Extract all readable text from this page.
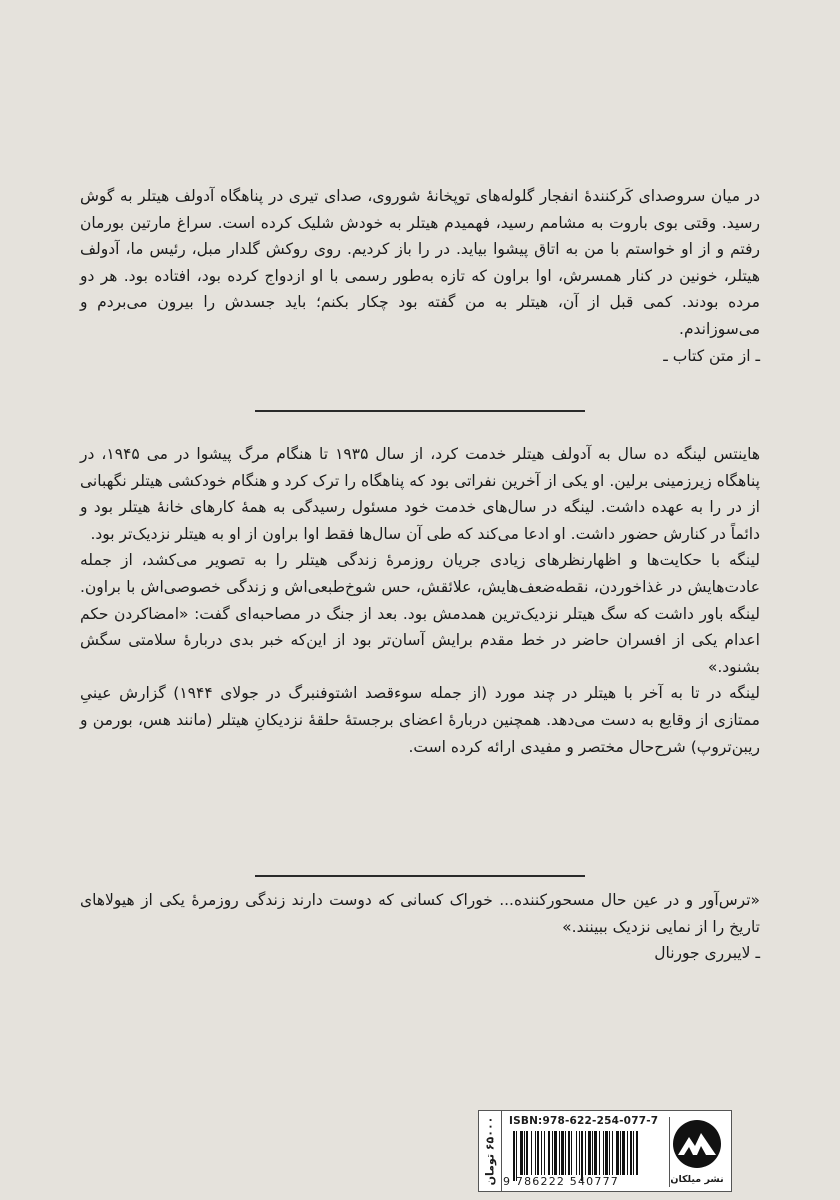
در میان سروصدای کَرکنندهٔ انفجار گلوله‌های توپخانهٔ شوروی، صدای تیری در پناهگاه آدولف هیتلر به گوش رسید. وقتی بوی باروت به مشامم رسید، فهمیدم هیتلر به خودش شلیک کرده است. سراغ مارتین بورمان رفتم و از او خواستم با من به اتاق پیشوا بیاید. در را باز کردیم. روی روکش گلدار مبل، رئیس ما، آدولف هیتلر، خونین در کنار همسرش، اوا براون که تازه به‌طور رسمی با او ازدواج کرده بود، افتاده بود. هر دو مرده بودند. کمی قبل از آن، هیتلر به من گفته بود چکار بکنم؛ باید جسدش را بیرون می‌بردم و می‌سوزاندم.

ـ از متن کتاب ـ

هاینتس لینگه ده سال به آدولف هیتلر خدمت کرد، از سال ۱۹۳۵ تا هنگام مرگ پیشوا در می ۱۹۴۵، در پناهگاه زیرزمینی برلین. او یکی از آخرین نفراتی بود که پناهگاه را ترک کرد و هنگام خودکشی هیتلر نگهبانی از در را به عهده داشت. لینگه در سال‌های خدمت خود مسئول رسیدگی به همهٔ کارهای خانهٔ هیتلر بود و دائماً در کنارش حضور داشت. او ادعا می‌کند که طی آن سال‌ها فقط اوا براون از او به هیتلر نزدیک‌تر بود.

لینگه با حکایت‌ها و اظهارنظرهای زیادی جریان روزمرهٔ زندگی هیتلر را به تصویر می‌کشد، از جمله عادت‌هایش در غذاخوردن، نقطه‌ضعف‌هایش، علائقش، حس شوخ‌طبعی‌اش و زندگی خصوصی‌اش با براون. لینگه باور داشت که سگ هیتلر نزدیک‌ترین همدمش بود. بعد از جنگ در مصاحبه‌ای گفت: «امضاکردن حکم اعدام یکی از افسران حاضر در خط مقدم برایش آسان‌تر بود از این‌که خبر بدی دربارهٔ سلامتی سگش بشنود.»

لینگه در تا به آخر با هیتلر در چند مورد (از جمله سوءقصد اشتوفنبرگ در جولای ۱۹۴۴) گزارش عینیِ ممتازی از وقایع به دست می‌دهد. همچنین دربارهٔ اعضای برجستهٔ حلقهٔ نزدیکانِ هیتلر (مانند هس، بورمن و ریبن‌تروپ) شرح‌حال مختصر و مفیدی ارائه کرده است.

«ترس‌آور و در عین حال مسحورکننده... خوراک کسانی که دوست دارند زندگی روزمرهٔ یکی از هیولاهای تاریخ را از نمایی نزدیک ببینند.»

ـ لایبرری جورنال

۶۵۰۰۰ تومان ISBN:978-622-254-077-7
9 786222 540777	نشر میلکان
